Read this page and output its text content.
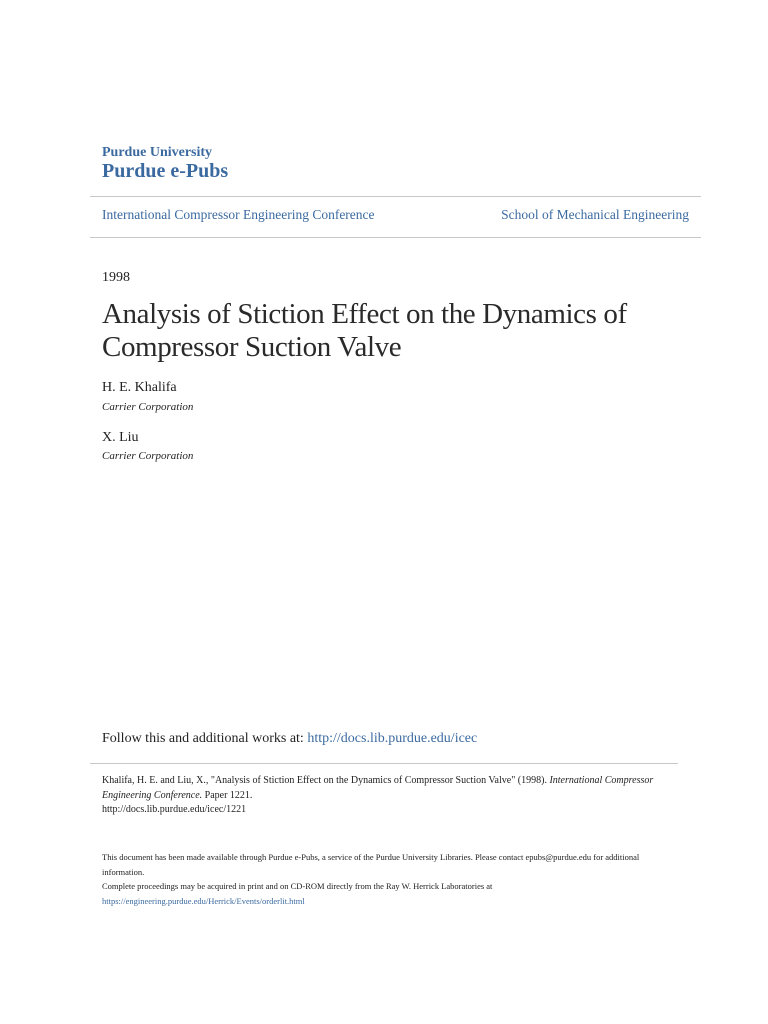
Purdue University
Purdue e-Pubs
International Compressor Engineering Conference	School of Mechanical Engineering
1998
Analysis of Stiction Effect on the Dynamics of
Compressor Suction Valve
H. E. Khalifa
Carrier Corporation
X. Liu
Carrier Corporation
Follow this and additional works at: http://docs.lib.purdue.edu/icec
Khalifa, H. E. and Liu, X., "Analysis of Stiction Effect on the Dynamics of Compressor Suction Valve" (1998). International Compressor Engineering Conference. Paper 1221.
http://docs.lib.purdue.edu/icec/1221
This document has been made available through Purdue e-Pubs, a service of the Purdue University Libraries. Please contact epubs@purdue.edu for additional information.
Complete proceedings may be acquired in print and on CD-ROM directly from the Ray W. Herrick Laboratories at https://engineering.purdue.edu/Herrick/Events/orderlit.html
